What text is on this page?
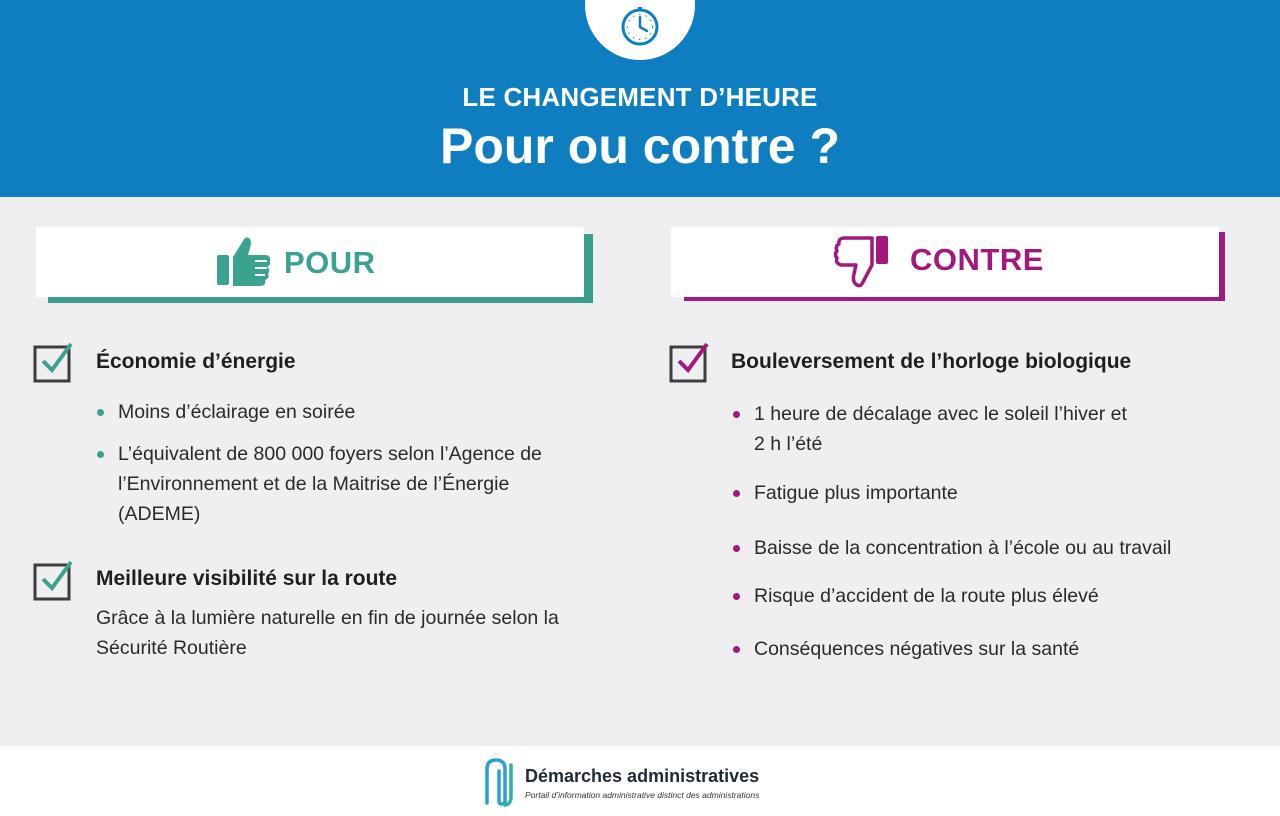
LE CHANGEMENT D’HEURE
Pour ou contre ?
POUR	CONTRE
Économie d’énergie
Moins d’éclairage en soirée
L’équivalent de 800 000 foyers selon l’Agence de
l’Environnement et de la Maitrise de l’Énergie
(ADEME)
Meilleure visibilité sur la route
Grâce à la lumière naturelle en fin de journée selon la
Sécurité Routière
Bouleversement de l’horloge biologique
1 heure de décalage avec le soleil l’hiver et
2 h l’été
Fatigue plus importante
Baisse de la concentration à l’école ou au travail
Risque d’accident de la route plus élevé
Conséquences négatives sur la santé
Démarches administratives
Portail d’information administrative distinct des administrations
